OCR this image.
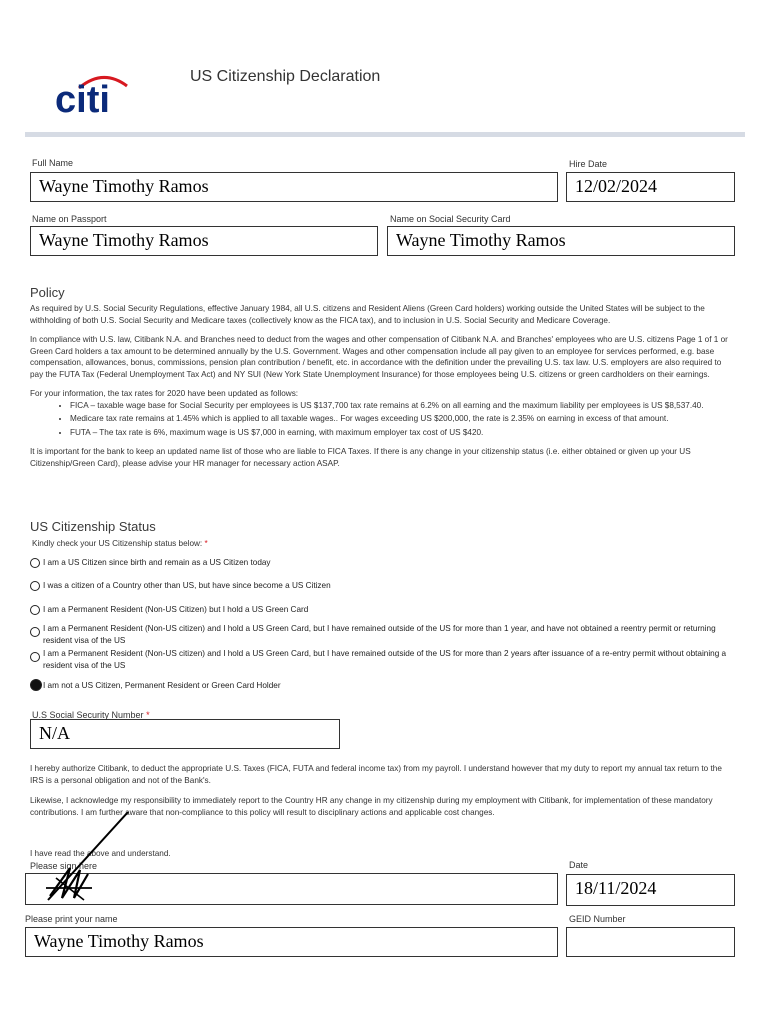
citi
US Citizenship Declaration
Full Name
Wayne Timothy Ramos
Hire Date
12/02/2024
Name on Passport
Wayne Timothy Ramos
Name on Social Security Card
Wayne Timothy Ramos
Policy

As required by U.S. Social Security Regulations, effective January 1984, all U.S. citizens and Resident Aliens (Green Card holders) working outside the United States will be subject to the withholding of both U.S. Social Security and Medicare taxes (collectively know as the FICA tax), and to inclusion in U.S. Social Security and Medicare Coverage.

In compliance with U.S. law, Citibank N.A. and Branches need to deduct from the wages and other compensation of Citibank N.A. and Branches' employees who are U.S. citizens Page 1 of 1 or Green Card holders a tax amount to be determined annually by the U.S. Government. Wages and other compensation include all pay given to an employee for services performed, e.g. base compensation, allowances, bonus, commissions, pension plan contribution / benefit, etc. in accordance with the definition under the prevailing U.S. tax law. U.S. employers are also required to pay the FUTA Tax (Federal Unemployment Tax Act) and NY SUI (New York State Unemployment Insurance) for those employees being U.S. citizens or green cardholders on their earnings.

For your information, the tax rates for 2020 have been updated as follows:

• FICA – taxable wage base for Social Security per employees is US $137,700 tax rate remains at 6.2% on all earning and the maximum liability per employees is US $8,537.40.
• Medicare tax rate remains at 1.45% which is applied to all taxable wages.. For wages exceeding US $200,000, the rate is 2.35% on earning in excess of that amount.
• FUTA – The tax rate is 6%, maximum wage is US $7,000 in earning, with maximum employer tax cost of US $420.

It is important for the bank to keep an updated name list of those who are liable to FICA Taxes. If there is any change in your citizenship status (i.e. either obtained or given up your US Citizenship/Green Card), please advise your HR manager for necessary action ASAP.

US Citizenship Status
Kindly check your US Citizenship status below: *
I am a US Citizen since birth and remain as a US Citizen today
I was a citizen of a Country other than US, but have since become a US Citizen
I am a Permanent Resident (Non-US Citizen) but I hold a US Green Card
I am a Permanent Resident (Non-US citizen) and I hold a US Green Card, but I have remained outside of the US for more than 1 year, and have not obtained a reentry permit or returning resident visa of the US
I am a Permanent Resident (Non-US citizen) and I hold a US Green Card, but I have remained outside of the US for more than 2 years after issuance of a re-entry permit without obtaining a resident visa of the US
I am not a US Citizen, Permanent Resident or Green Card Holder
U.S Social Security Number *
N/A

I hereby authorize Citibank, to deduct the appropriate U.S. Taxes (FICA, FUTA and federal income tax) from my payroll. I understand however that my duty to report my annual tax return to the IRS is a personal obligation and not of the Bank's.

Likewise, I acknowledge my responsibility to immediately report to the Country HR any change in my citizenship during my employment with Citibank, for implementation of these mandatory contributions. I am further aware that non-compliance to this policy will result to disciplinary actions and applicable cost changes.

I have read the above and understand.
Please sign here	Date
18/11/2024
Please print your name	GEID Number
Wayne Timothy Ramos
